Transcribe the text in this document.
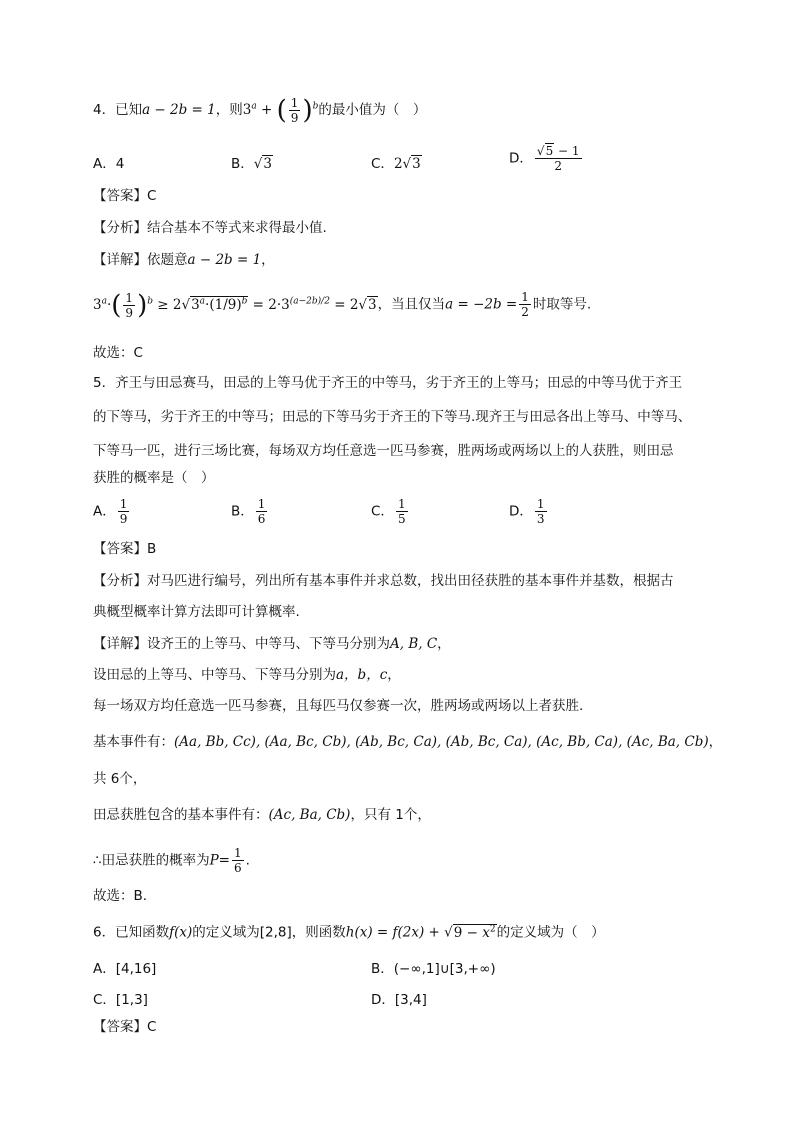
4．已知a − 2b = 1，则$3^a$ + ( $\frac{1}{9} )^b$的最小值为（　）
A．4	B．√3	C．2√3	D． $\frac{√5 - 1}{2}$
【答案】C
【分析】结合基本不等式来求得最小值.
【详解】依题意a − 2b = 1，
$3^a\cdot( \frac{1}{9} )^b \ge 2√3^a\cdot(1/9)^b = 2\cdot 3^{(a-2b)/2} = 2√3$，当且仅当$a = -2b = \frac{1}{2}$ 时取等号.
故选：C
5．齐王与田忌赛马，田忌的上等马优于齐王的中等马，劣于齐王的上等马；田忌的中等马优于齐王
的下等马，劣于齐王的中等马；田忌的下等马劣于齐王的下等马.现齐王与田忌各出上等马、中等马、
下等马一匹，进行三场比赛，每场双方均任意选一匹马参赛，胜两场或两场以上的人获胜，则田忌
获胜的概率是（　）
A． $\frac{1}{9}$	B． $\frac{1}{6}$	C． $\frac{1}{5}$	D． $\frac{1}{3}$
【答案】B
【分析】对马匹进行编号，列出所有基本事件并求总数，找出田径获胜的基本事件并基数，根据古
典概型概率计算方法即可计算概率.
【详解】设齐王的上等马、中等马、下等马分别为A, B, C，
设田忌的上等马、中等马、下等马分别为a，b，c，
每一场双方均任意选一匹马参赛，且每匹马仅参赛一次，胜两场或两场以上者获胜.
基本事件有：(Aa, Bb, Cc), (Aa, Bc, Cb), (Ab, Bc, Ca), (Ab, Bc, Ca), (Ac, Bb, Ca), (Ac, Ba, Cb)，
共 6个，
田忌获胜包含的基本事件有：(Ac, Ba, Cb)，只有 1个，
∴田忌获胜的概率为$P= \frac{1}{6}$ .
故选：B.
6．已知函数f(x)的定义域为[2,8]，则函数$h(x) = f(2x) + √9 - x^2$的定义域为（　）
A．[4,16]	B．(−∞,1]∪[3,+∞)
C．[1,3]	D．[3,4]
【答案】C
